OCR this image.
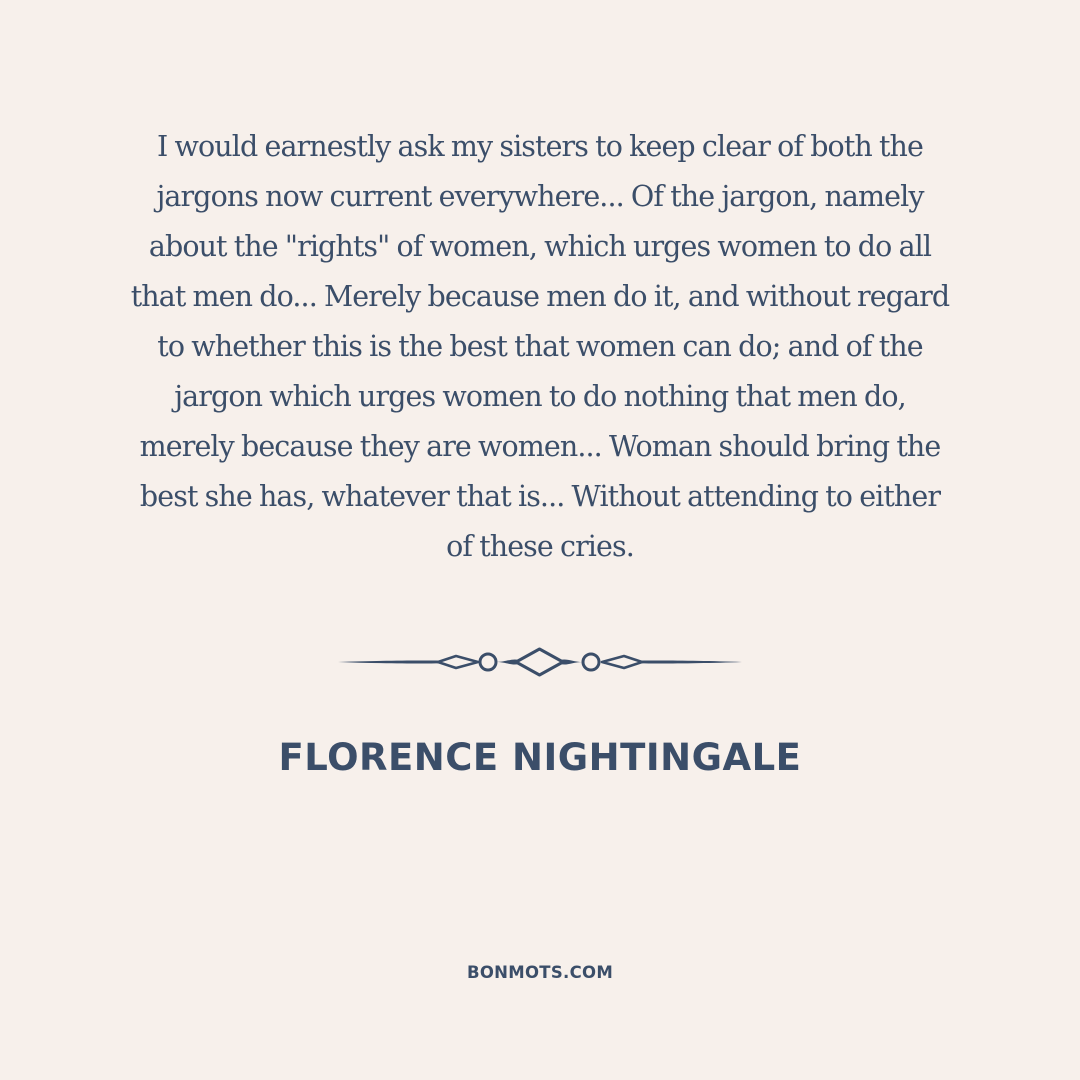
I would earnestly ask my sisters to keep clear of both the
jargons now current everywhere... Of the jargon, namely
about the "rights" of women, which urges women to do all
that men do... Merely because men do it, and without regard
to whether this is the best that women can do; and of the
jargon which urges women to do nothing that men do,
merely because they are women... Woman should bring the
best she has, whatever that is... Without attending to either
of these cries.
FLORENCE NIGHTINGALE
BONMOTS.COM
